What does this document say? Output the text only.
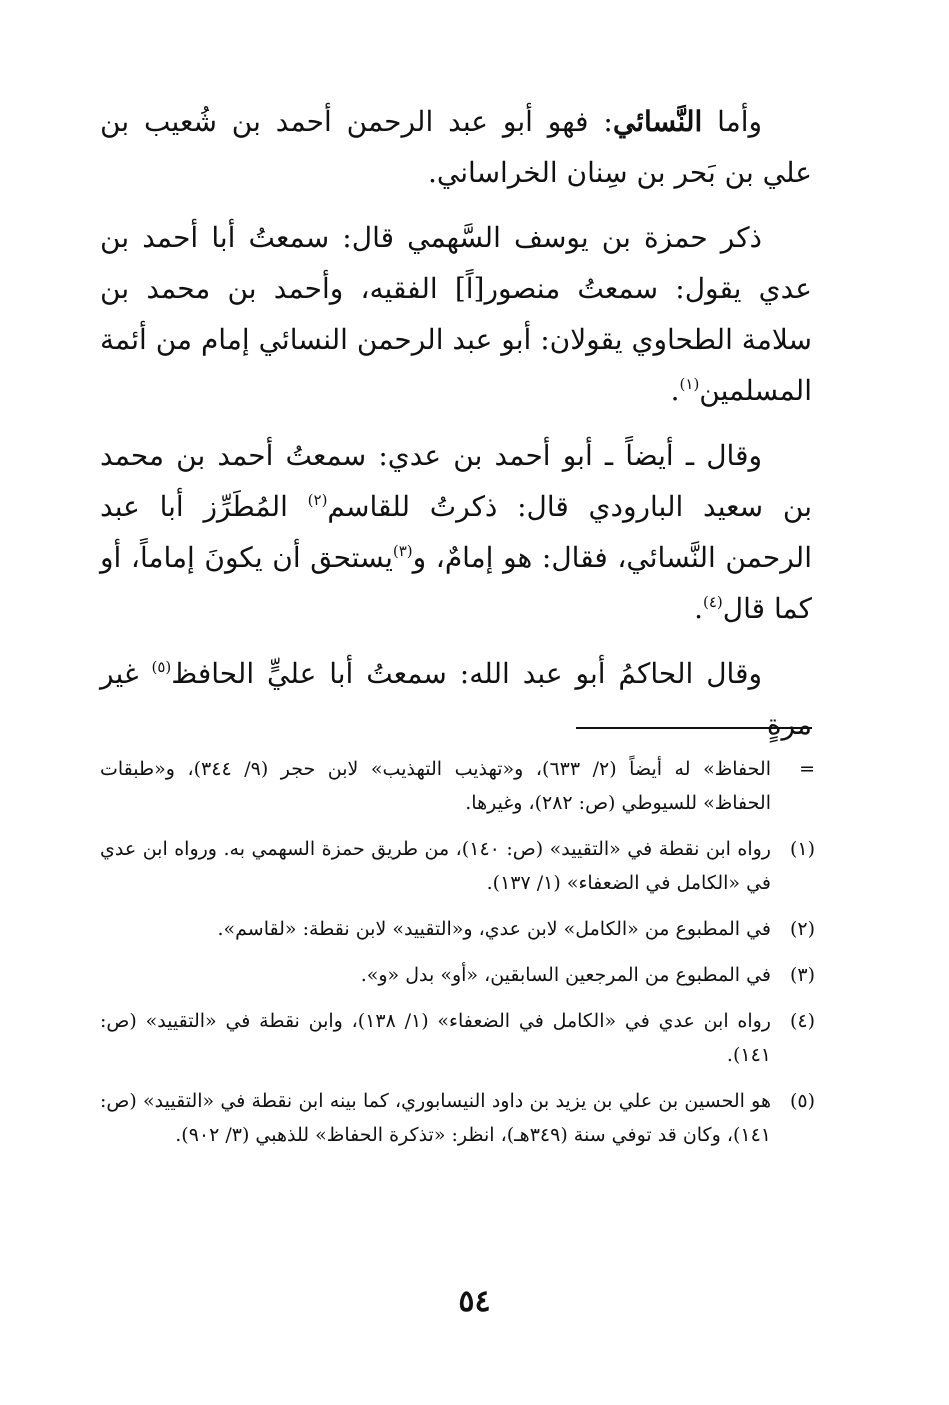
وأما النَّسائي: فهو أبو عبد الرحمن أحمد بن شُعيب بن علي بن بَحر بن سِنان الخراساني.

ذكر حمزة بن يوسف السَّهمي قال: سمعتُ أبا أحمد بن عدي يقول: سمعتُ منصور[اً] الفقيه، وأحمد بن محمد بن سلامة الطحاوي يقولان: أبو عبد الرحمن النسائي إمام من أئمة المسلمين$^{(١)}$.

وقال ـ أيضاً ـ أبو أحمد بن عدي: سمعتُ أحمد بن محمد بن سعيد البارودي قال: ذكرتُ للقاسم$^{(٢)}$ المُطَرِّز أبا عبد الرحمن النَّسائي، فقال: هو إمامٌ، و$^{(٣)}$يستحق أن يكونَ إماماً، أو كما قال$^{(٤)}$.

وقال الحاكمُ أبو عبد الله: سمعتُ أبا عليٍّ الحافظ$^{(٥)}$ غير مرةٍ

=
الحفاظ» له أيضاً (٢/ ٦٣٣)، و«تهذيب التهذيب» لابن حجر (٩/ ٣٤٤)، و«طبقات الحفاظ» للسيوطي (ص: ٢٨٢)، وغيرها.
(١)
رواه ابن نقطة في «التقييد» (ص: ١٤٠)، من طريق حمزة السهمي به. ورواه ابن عدي في «الكامل في الضعفاء» (١/ ١٣٧).
(٢)
في المطبوع من «الكامل» لابن عدي، و«التقييد» لابن نقطة: «لقاسم».
(٣)
في المطبوع من المرجعين السابقين، «أو» بدل «و».
(٤)
رواه ابن عدي في «الكامل في الضعفاء» (١/ ١٣٨)، وابن نقطة في «التقييد» (ص: ١٤١).
(٥)
هو الحسين بن علي بن يزيد بن داود النيسابوري، كما بينه ابن نقطة في «التقييد» (ص: ١٤١)، وكان قد توفي سنة (٣٤٩هـ)، انظر: «تذكرة الحفاظ» للذهبي (٣/ ٩٠٢).
٥٤
